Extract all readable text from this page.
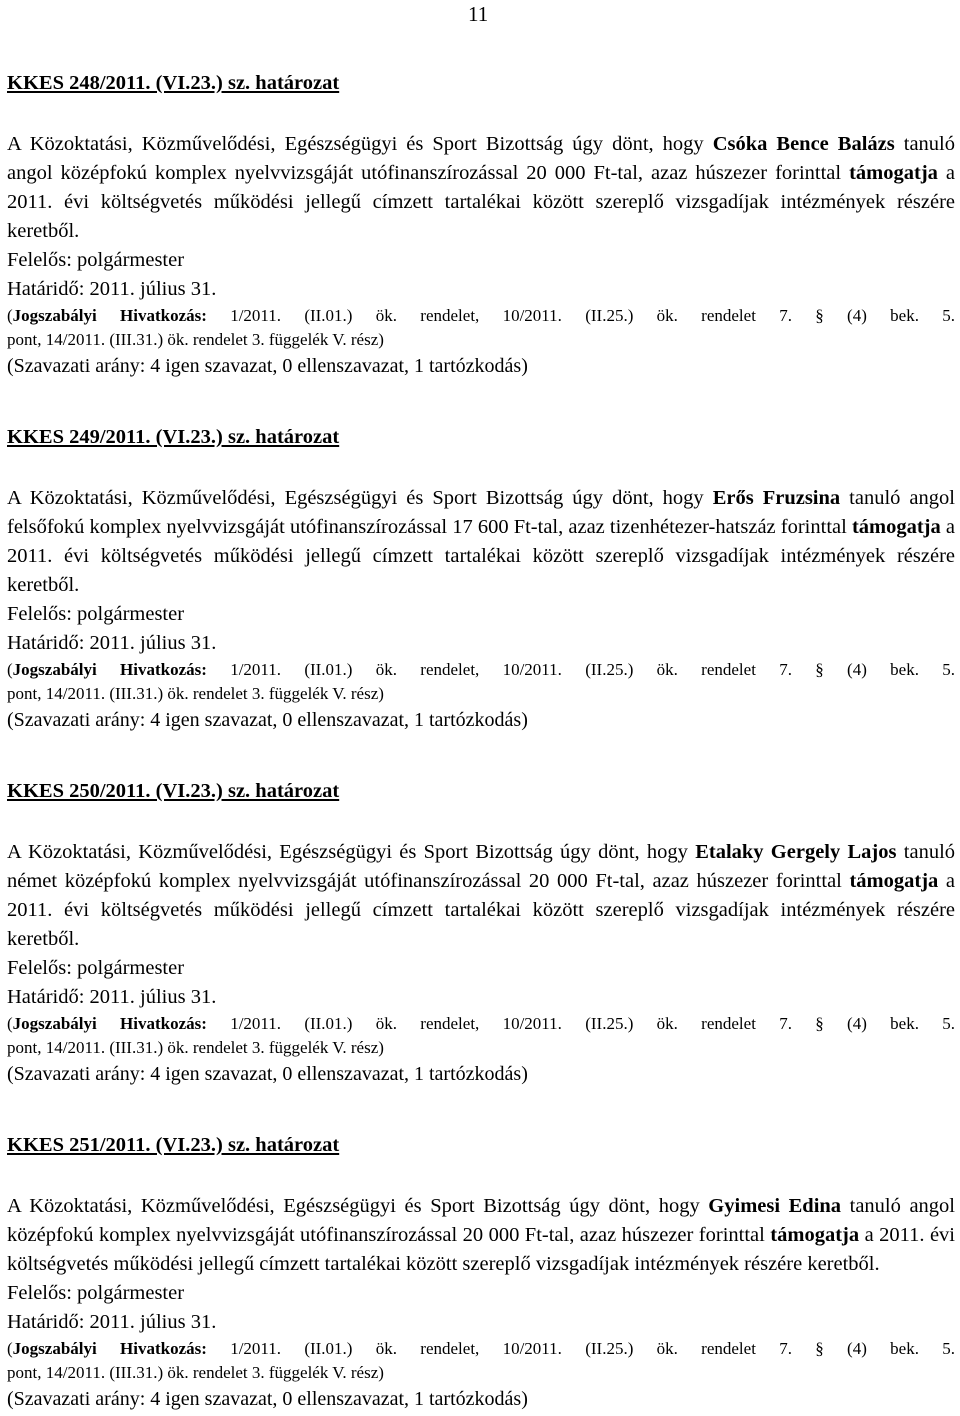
11

KKES 248/2011. (VI.23.) sz. határozat

A Közoktatási, Közművelődési, Egészségügyi és Sport Bizottság úgy dönt, hogy Csóka Bence Balázs tanuló angol középfokú komplex nyelvvizsgáját utófinanszírozással 20 000 Ft-tal, azaz húszezer forinttal támogatja a 2011. évi költségvetés működési jellegű címzett tartalékai között szereplő vizsgadíjak intézmények részére keretből.

Felelős: polgármester

Határidő: 2011. július 31.

(Jogszabályi Hivatkozás: 1/2011. (II.01.) ök. rendelet, 10/2011. (II.25.) ök. rendelet 7. § (4) bek. 5.
pont, 14/2011. (III.31.) ök. rendelet 3. függelék V. rész)

(Szavazati arány: 4 igen szavazat, 0 ellenszavazat, 1 tartózkodás)

KKES 249/2011. (VI.23.) sz. határozat

A Közoktatási, Közművelődési, Egészségügyi és Sport Bizottság úgy dönt, hogy Erős Fruzsina tanuló angol felsőfokú komplex nyelvvizsgáját utófinanszírozással 17 600 Ft-tal, azaz tizenhétezer-hatszáz forinttal támogatja a 2011. évi költségvetés működési jellegű címzett tartalékai között szereplő vizsgadíjak intézmények részére keretből.

Felelős: polgármester

Határidő: 2011. július 31.

(Jogszabályi Hivatkozás: 1/2011. (II.01.) ök. rendelet, 10/2011. (II.25.) ök. rendelet 7. § (4) bek. 5.
pont, 14/2011. (III.31.) ök. rendelet 3. függelék V. rész)

(Szavazati arány: 4 igen szavazat, 0 ellenszavazat, 1 tartózkodás)

KKES 250/2011. (VI.23.) sz. határozat

A Közoktatási, Közművelődési, Egészségügyi és Sport Bizottság úgy dönt, hogy Etalaky Gergely Lajos tanuló német középfokú komplex nyelvvizsgáját utófinanszírozással 20 000 Ft-tal, azaz húszezer forinttal támogatja a 2011. évi költségvetés működési jellegű címzett tartalékai között szereplő vizsgadíjak intézmények részére keretből.

Felelős: polgármester

Határidő: 2011. július 31.

(Jogszabályi Hivatkozás: 1/2011. (II.01.) ök. rendelet, 10/2011. (II.25.) ök. rendelet 7. § (4) bek. 5.
pont, 14/2011. (III.31.) ök. rendelet 3. függelék V. rész)

(Szavazati arány: 4 igen szavazat, 0 ellenszavazat, 1 tartózkodás)

KKES 251/2011. (VI.23.) sz. határozat

A Közoktatási, Közművelődési, Egészségügyi és Sport Bizottság úgy dönt, hogy Gyimesi Edina tanuló angol középfokú komplex nyelvvizsgáját utófinanszírozással 20 000 Ft-tal, azaz húszezer forinttal támogatja a 2011. évi költségvetés működési jellegű címzett tartalékai között szereplő vizsgadíjak intézmények részére keretből.

Felelős: polgármester

Határidő: 2011. július 31.

(Jogszabályi Hivatkozás: 1/2011. (II.01.) ök. rendelet, 10/2011. (II.25.) ök. rendelet 7. § (4) bek. 5.
pont, 14/2011. (III.31.) ök. rendelet 3. függelék V. rész)

(Szavazati arány: 4 igen szavazat, 0 ellenszavazat, 1 tartózkodás)
